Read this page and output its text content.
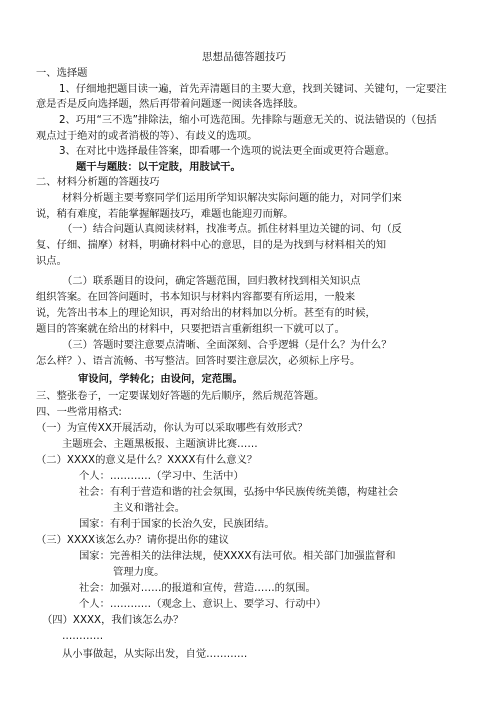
思想品德答题技巧
一、选择题
1、仔细地把题目读一遍，首先弄清题目的主要大意，找到关键词、关键句，一定要注
意是否是反向选择题，然后再带着问题逐一阅读各选择肢。
2、巧用“三不选”排除法，缩小可选范围。先排除与题意无关的、说法错误的（包括
观点过于绝对的或者消极的等）、有歧义的选项。
3、在对比中选择最佳答案，即看哪一个选项的说法更全面或更符合题意。
题干与题肢：以干定肢，用肢试干。
二、材料分析题的答题技巧
材料分析题主要考察同学们运用所学知识解决实际问题的能力，对同学们来
说，稍有难度，若能掌握解题技巧，难题也能迎刃而解。
（一）结合问题认真阅读材料，找准考点。抓住材料里边关键的词、句（反
复、仔细、揣摩）材料，明确材料中心的意思，目的是为找到与材料相关的知
识点。
（二）联系题目的设问，确定答题范围，回归教材找到相关知识点
组织答案。在回答问题时，书本知识与材料内容都要有所运用，一般来
说，先答出书本上的理论知识，再对给出的材料加以分析。甚至有的时候，
题目的答案就在给出的材料中，只要把语言重新组织一下就可以了。
（三）答题时要注意要点清晰、全面深刻、合乎逻辑（是什么？为什么？
怎么样？）、语言流畅、书写整洁。回答时要注意层次，必须标上序号。
审设问，学转化；由设问，定范围。
三、整张卷子，一定要谋划好答题的先后顺序，然后规范答题。
四、一些常用格式:
（一）为宣传XX开展活动，你认为可以采取哪些有效形式？
主题班会、主题黑板报、主题演讲比赛……
（二）XXXX的意义是什么？XXXX有什么意义？
个人：…………（学习中、生活中）
社会：有利于营造和谐的社会氛围，弘扬中华民族传统美德，构建社会
主义和谐社会。
国家：有利于国家的长治久安，民族团结。
（三）XXXX该怎么办？请你提出你的建议
国家：完善相关的法律法规，使XXXX有法可依。相关部门加强监督和
管理力度。
社会：加强对……的报道和宣传，营造……的氛围。
个人：…………（观念上、意识上、要学习、行动中）
（四）XXXX，我们该怎么办？
…………
从小事做起，从实际出发，自觉…………
